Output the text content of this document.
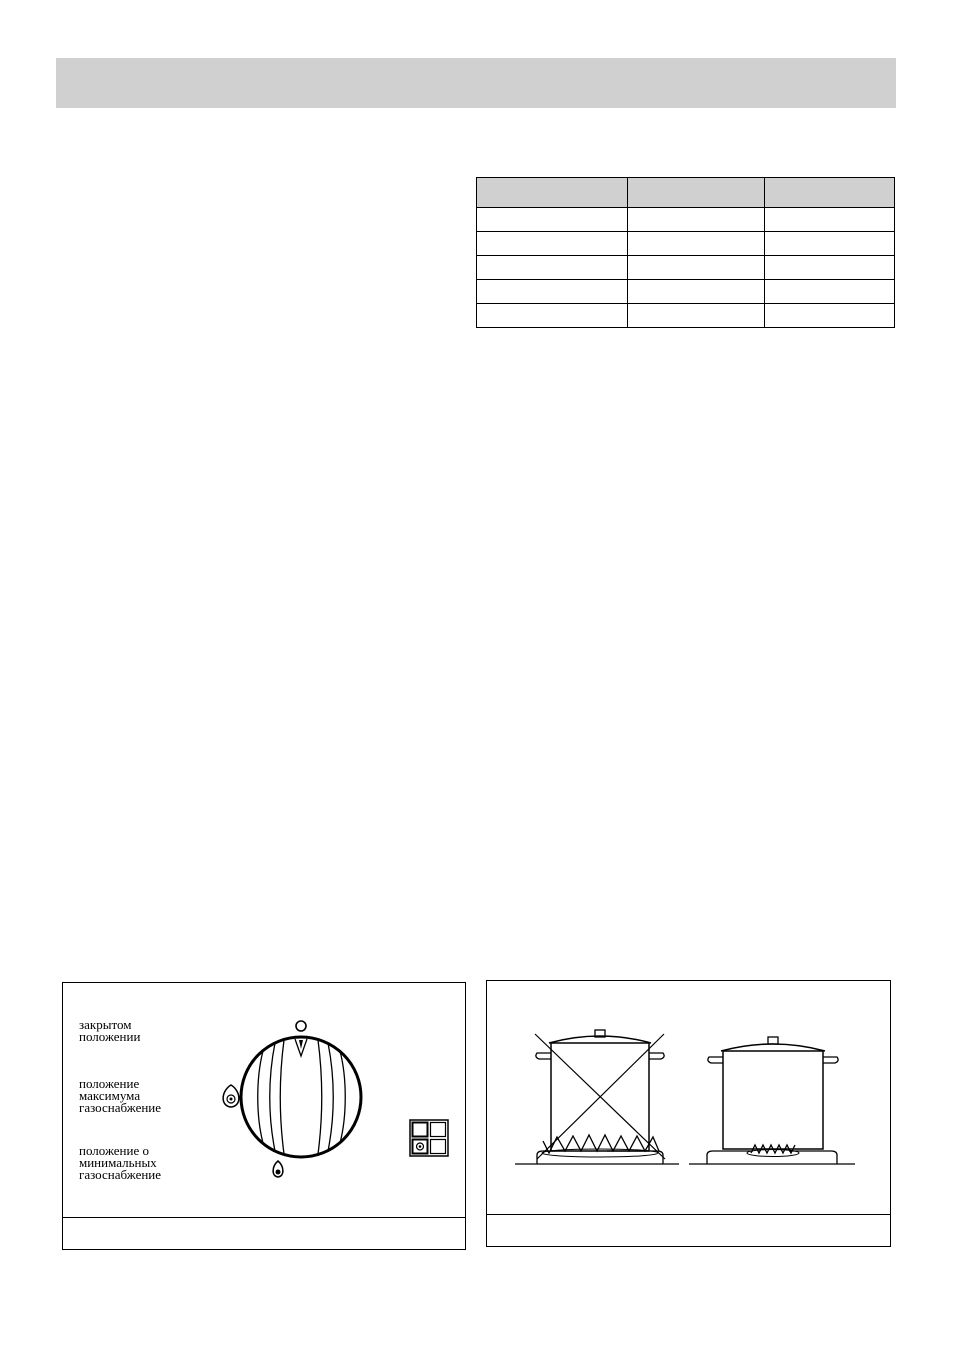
закрытом
положении
положение
максимума
газоснабжение
положение о
минимальных
газоснабжение
